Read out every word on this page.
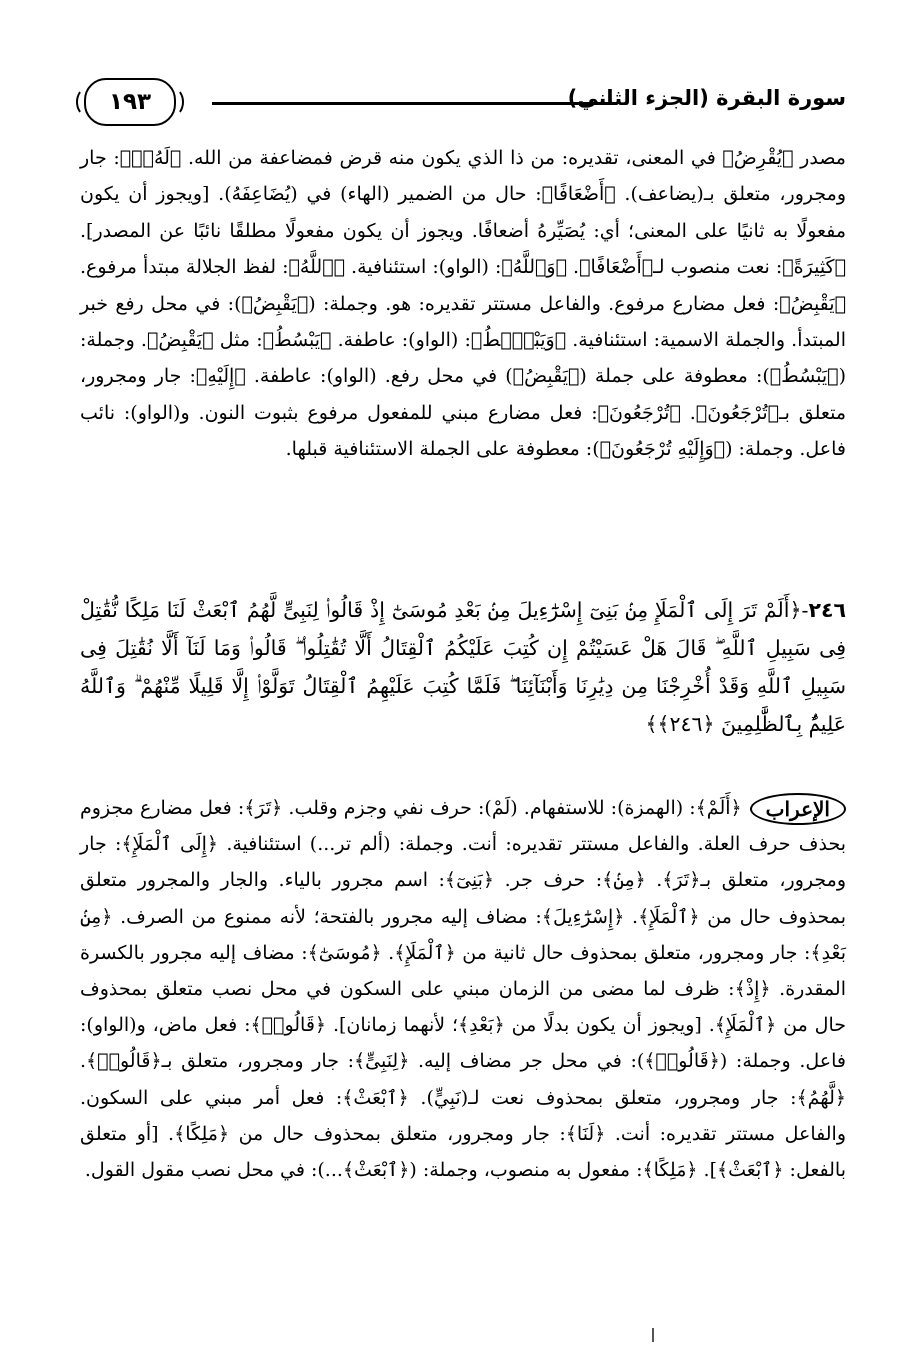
١٩٣	سورة البقرة (الجزء الثاني)
مصدر ﴿يُقْرِضُ﴾ في المعنى، تقديره: من ذا الذي يكون منه قرض فمضاعفة من الله. ﴿لَهُۥٓ﴾: جار ومجرور، متعلق بـ(يضاعف). ﴿أَضْعَافًا﴾: حال من الضمير (الهاء) في (يُضَاعِفَهُ). [ويجوز أن يكون مفعولًا به ثانيًا على المعنى؛ أي: يُصَيِّرهُ أضعافًا. ويجوز أن يكون مفعولًا مطلقًا نائبًا عن المصدر]. ﴿كَثِيرَةً﴾: نعت منصوب لـ﴿أَضْعَافًا﴾. ﴿وَٱللَّهُ﴾: (الواو): استئنافية. ﴿ٱللَّهُ﴾: لفظ الجلالة مبتدأ مرفوع. ﴿يَقْبِضُ﴾: فعل مضارع مرفوع. والفاعل مستتر تقديره: هو. وجملة: (﴿يَقْبِضُ﴾): في محل رفع خبر المبتدأ. والجملة الاسمية: استئنافية. ﴿وَيَبْصُۜطُ﴾: (الواو): عاطفة. ﴿يَبْسُطُ﴾: مثل ﴿يَقْبِضُ﴾. وجملة: (﴿يَبْسُطُ﴾): معطوفة على جملة (﴿يَقْبِضُ﴾) في محل رفع. (الواو): عاطفة. ﴿إِلَيْهِ﴾: جار ومجرور، متعلق بـ﴿تُرْجَعُونَ﴾. ﴿تُرْجَعُونَ﴾: فعل مضارع مبني للمفعول مرفوع بثبوت النون. و(الواو): نائب فاعل. وجملة: (﴿وَإِلَيْهِ تُرْجَعُونَ﴾): معطوفة على الجملة الاستئنافية قبلها.
٢٤٦-﴿أَلَمْ تَرَ إِلَى ٱلْمَلَإِ مِنۢ بَنِىٓ إِسْرَٰٓءِيلَ مِنۢ بَعْدِ مُوسَىٰٓ إِذْ قَالُوا۟ لِنَبِىٍّ لَّهُمُ ٱبْعَثْ لَنَا مَلِكًا نُّقَٰتِلْ فِى سَبِيلِ ٱللَّهِ ۖ قَالَ هَلْ عَسَيْتُمْ إِن كُتِبَ عَلَيْكُمُ ٱلْقِتَالُ أَلَّا تُقَٰتِلُوا۟ ۖ قَالُوا۟ وَمَا لَنَآ أَلَّا نُقَٰتِلَ فِى سَبِيلِ ٱللَّهِ وَقَدْ أُخْرِجْنَا مِن دِيَٰرِنَا وَأَبْنَآئِنَا ۖ فَلَمَّا كُتِبَ عَلَيْهِمُ ٱلْقِتَالُ تَوَلَّوْا۟ إِلَّا قَلِيلًا مِّنْهُمْ ۗ وَٱللَّهُ عَلِيمٌۢ بِٱلظَّٰلِمِينَ ﴿٢٤٦﴾﴾
الإعراب﴿أَلَمْ﴾: (الهمزة): للاستفهام. (لَمْ): حرف نفي وجزم وقلب. ﴿تَرَ﴾: فعل مضارع مجزوم بحذف حرف العلة. والفاعل مستتر تقديره: أنت. وجملة: (ألم تر...) استئنافية. ﴿إِلَى ٱلْمَلَإِ﴾: جار ومجرور، متعلق بـ﴿تَرَ﴾. ﴿مِنۢ﴾: حرف جر. ﴿بَنِىٓ﴾: اسم مجرور بالياء. والجار والمجرور متعلق بمحذوف حال من ﴿ٱلْمَلَإِ﴾. ﴿إِسْرَٰٓءِيلَ﴾: مضاف إليه مجرور بالفتحة؛ لأنه ممنوع من الصرف. ﴿مِنۢ بَعْدِ﴾: جار ومجرور، متعلق بمحذوف حال ثانية من ﴿ٱلْمَلَإِ﴾. ﴿مُوسَىٰٓ﴾: مضاف إليه مجرور بالكسرة المقدرة. ﴿إِذْ﴾: ظرف لما مضى من الزمان مبني على السكون في محل نصب متعلق بمحذوف حال من ﴿ٱلْمَلَإِ﴾. [ويجوز أن يكون بدلًا من ﴿بَعْدِ﴾؛ لأنهما زمانان]. ﴿قَالُوا۟﴾: فعل ماض، و(الواو): فاعل. وجملة: (﴿قَالُوا۟﴾): في محل جر مضاف إليه. ﴿لِنَبِىٍّ﴾: جار ومجرور، متعلق بـ﴿قَالُوا۟﴾. ﴿لَّهُمُ﴾: جار ومجرور، متعلق بمحذوف نعت لـ(نَبِيٍّ). ﴿ٱبْعَثْ﴾: فعل أمر مبني على السكون. والفاعل مستتر تقديره: أنت. ﴿لَنَا﴾: جار ومجرور، متعلق بمحذوف حال من ﴿مَلِكًا﴾. [أو متعلق بالفعل: ﴿ٱبْعَثْ﴾]. ﴿مَلِكًا﴾: مفعول به منصوب، وجملة: (﴿ٱبْعَثْ﴾...): في محل نصب مقول القول.
